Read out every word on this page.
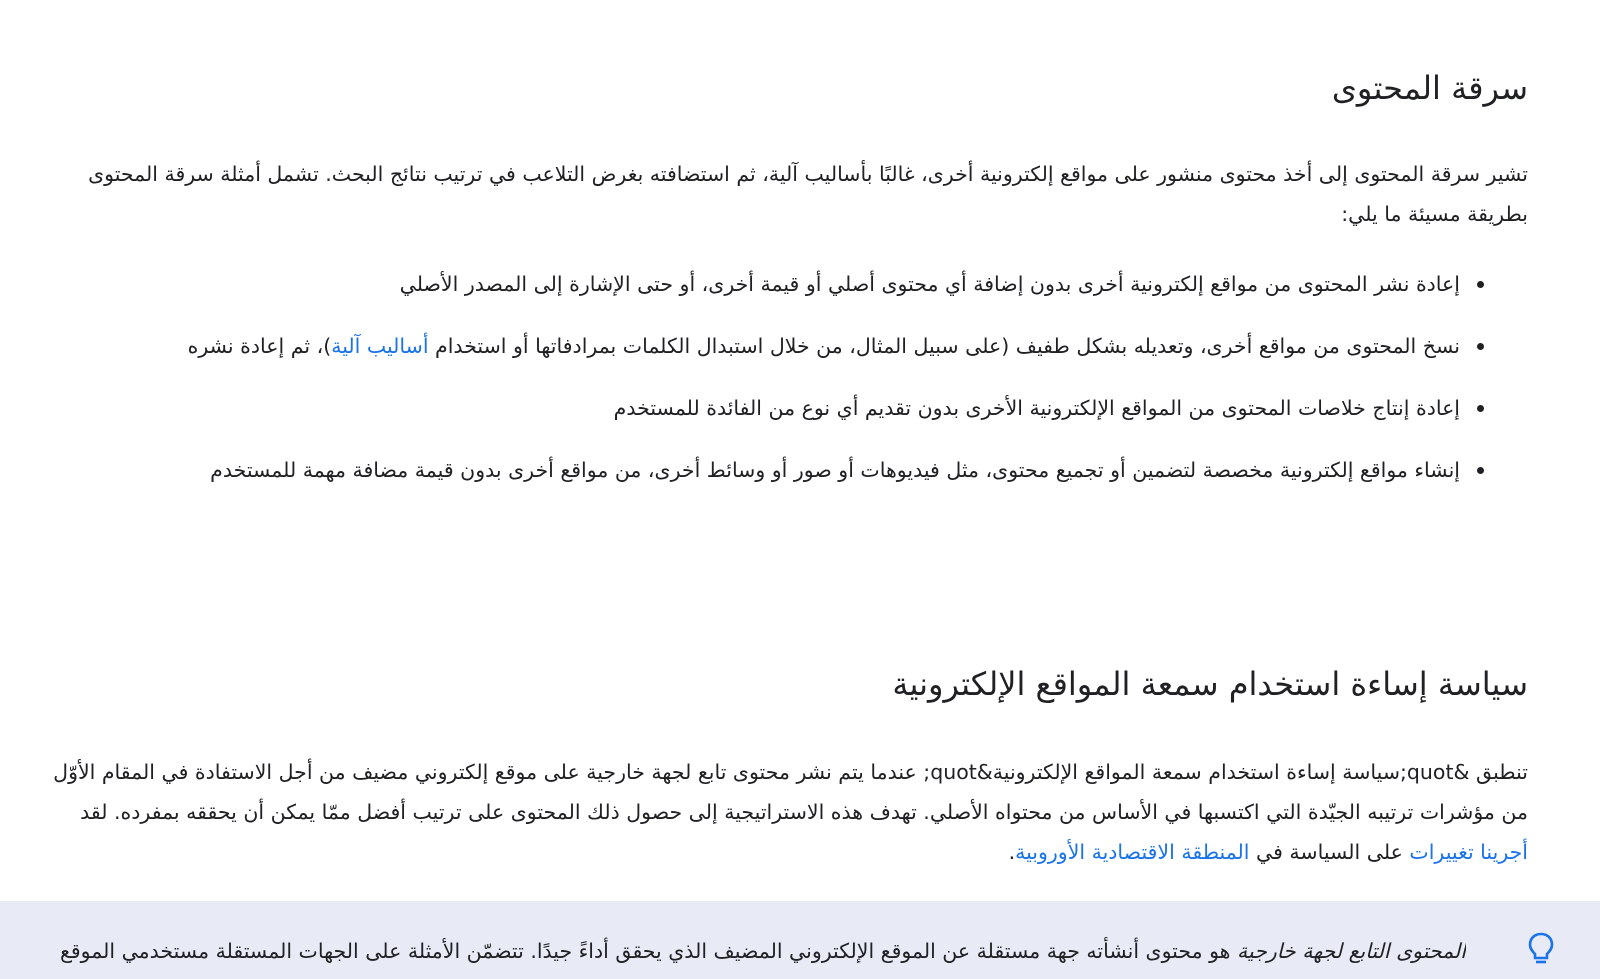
سرقة المحتوى

تشير سرقة المحتوى إلى أخذ محتوى منشور على مواقع إلكترونية أخرى، غالبًا بأساليب آلية، ثم استضافته بغرض التلاعب في ترتيب نتائج البحث. تشمل أمثلة سرقة المحتوى بطريقة مسيئة ما يلي:

إعادة نشر المحتوى من مواقع إلكترونية أخرى بدون إضافة أي محتوى أصلي أو قيمة أخرى، أو حتى الإشارة إلى المصدر الأصلي
نسخ المحتوى من مواقع أخرى، وتعديله بشكل طفيف (على سبيل المثال، من خلال استبدال الكلمات بمرادفاتها أو استخدام أساليب آلية)، ثم إعادة نشره
إعادة إنتاج خلاصات المحتوى من المواقع الإلكترونية الأخرى بدون تقديم أي نوع من الفائدة للمستخدم
إنشاء مواقع إلكترونية مخصصة لتضمين أو تجميع محتوى، مثل فيديوهات أو صور أو وسائط أخرى، من مواقع أخرى بدون قيمة مضافة مهمة للمستخدم
سياسة إساءة استخدام سمعة المواقع الإلكترونية

تنطبق &quot;سياسة إساءة استخدام سمعة المواقع الإلكترونية&quot; عندما يتم نشر محتوى تابع لجهة خارجية على موقع إلكتروني مضيف من أجل الاستفادة في المقام الأوّل من مؤشرات ترتيبه الجيّدة التي اكتسبها في الأساس من محتواه الأصلي. تهدف هذه الاستراتيجية إلى حصول ذلك المحتوى على ترتيب أفضل ممّا يمكن أن يحققه بمفرده. لقد أجرينا تغييرات على السياسة في المنطقة الاقتصادية الأوروبية.

المحتوى التابع لجهة خارجية هو محتوى أنشأته جهة مستقلة عن الموقع الإلكتروني المضيف الذي يحقق أداءً جيدًا. تتضمّن الأمثلة على الجهات المستقلة مستخدمي الموقع
